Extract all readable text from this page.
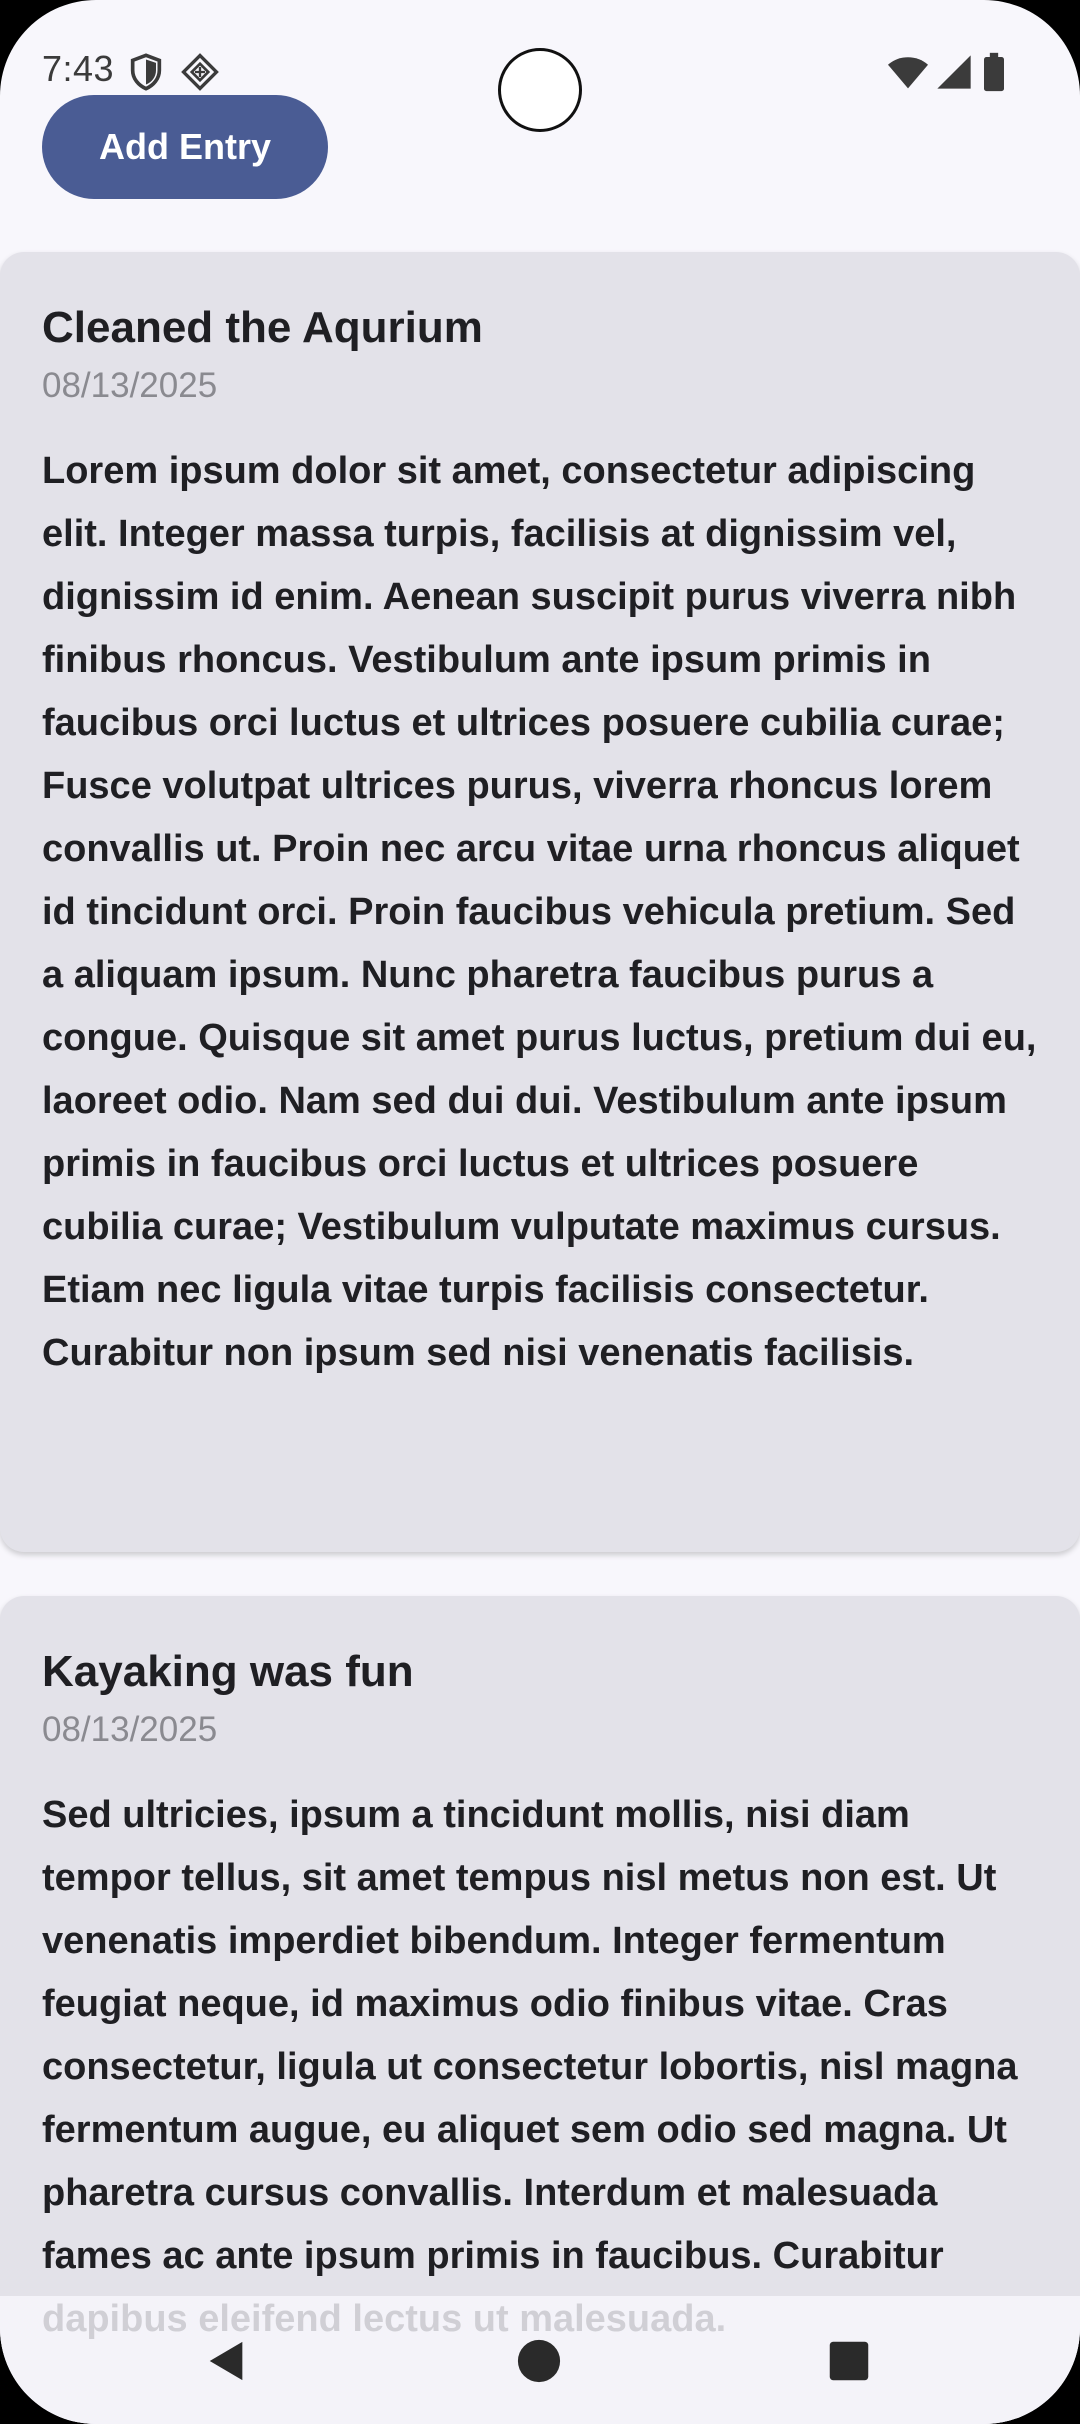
7:43
Add Entry
Cleaned the Aqurium
08/13/2025
Lorem ipsum dolor sit amet, consectetur adipiscing elit. Integer massa turpis, facilisis at dignissim vel, dignissim id enim. Aenean suscipit purus viverra nibh finibus rhoncus. Vestibulum ante ipsum primis in faucibus orci luctus et ultrices posuere cubilia curae; Fusce volutpat ultrices purus, viverra rhoncus lorem convallis ut. Proin nec arcu vitae urna rhoncus aliquet id tincidunt orci. Proin faucibus vehicula pretium. Sed a aliquam ipsum. Nunc pharetra faucibus purus a congue. Quisque sit amet purus luctus, pretium dui eu, laoreet odio. Nam sed dui dui. Vestibulum ante ipsum primis in faucibus orci luctus et ultrices posuere cubilia curae; Vestibulum vulputate maximus cursus. Etiam nec ligula vitae turpis facilisis consectetur. Curabitur non ipsum sed nisi venenatis facilisis.
Kayaking was fun
08/13/2025
Sed ultricies, ipsum a tincidunt mollis, nisi diam tempor tellus, sit amet tempus nisl metus non est. Ut venenatis imperdiet bibendum. Integer fermentum feugiat neque, id maximus odio finibus vitae. Cras consectetur, ligula ut consectetur lobortis, nisl magna fermentum augue, eu aliquet sem odio sed magna. Ut pharetra cursus convallis. Interdum et malesuada fames ac ante ipsum primis in faucibus. Curabitur
